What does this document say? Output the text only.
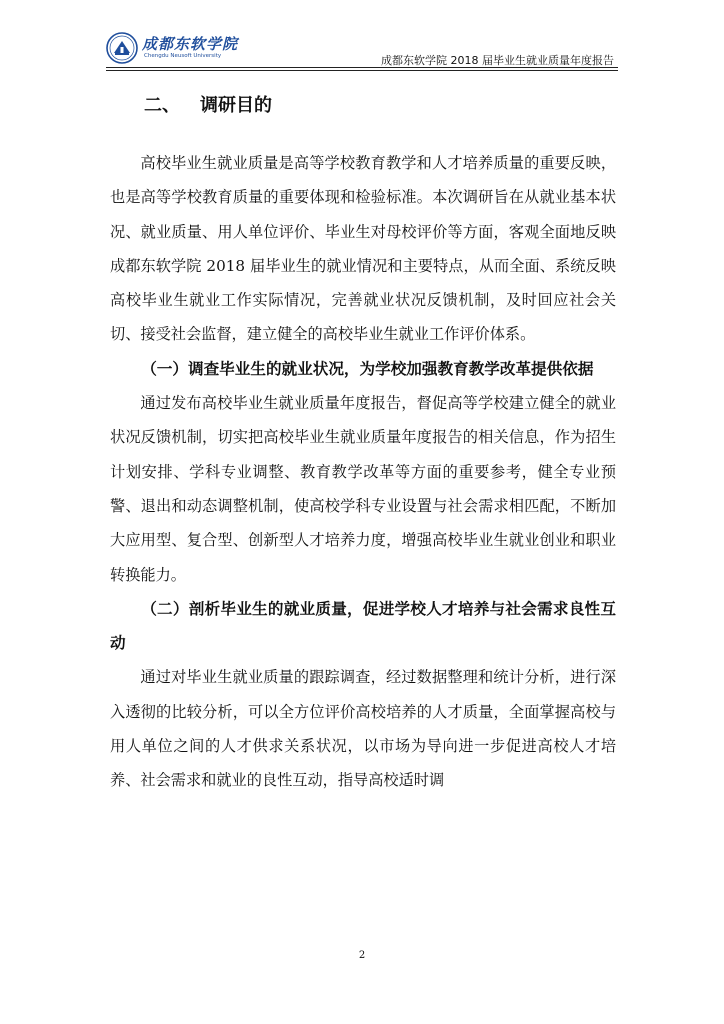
成都东软学院
Chengdu Neusoft University	成都东软学院 2018 届毕业生就业质量年度报告
二、 调研目的

高校毕业生就业质量是高等学校教育教学和人才培养质量的重要反映，也是高等学校教育质量的重要体现和检验标准。本次调研旨在从就业基本状况、就业质量、用人单位评价、毕业生对母校评价等方面，客观全面地反映成都东软学院 2018 届毕业生的就业情况和主要特点，从而全面、系统反映高校毕业生就业工作实际情况，完善就业状况反馈机制，及时回应社会关切、接受社会监督，建立健全的高校毕业生就业工作评价体系。

（一）调查毕业生的就业状况，为学校加强教育教学改革提供依据

通过发布高校毕业生就业质量年度报告，督促高等学校建立健全的就业状况反馈机制，切实把高校毕业生就业质量年度报告的相关信息，作为招生计划安排、学科专业调整、教育教学改革等方面的重要参考，健全专业预警、退出和动态调整机制，使高校学科专业设置与社会需求相匹配，不断加大应用型、复合型、创新型人才培养力度，增强高校毕业生就业创业和职业转换能力。

（二）剖析毕业生的就业质量，促进学校人才培养与社会需求良性互动

通过对毕业生就业质量的跟踪调查，经过数据整理和统计分析，进行深入透彻的比较分析，可以全方位评价高校培养的人才质量，全面掌握高校与用人单位之间的人才供求关系状况，以市场为导向进一步促进高校人才培养、社会需求和就业的良性互动，指导高校适时调

2
